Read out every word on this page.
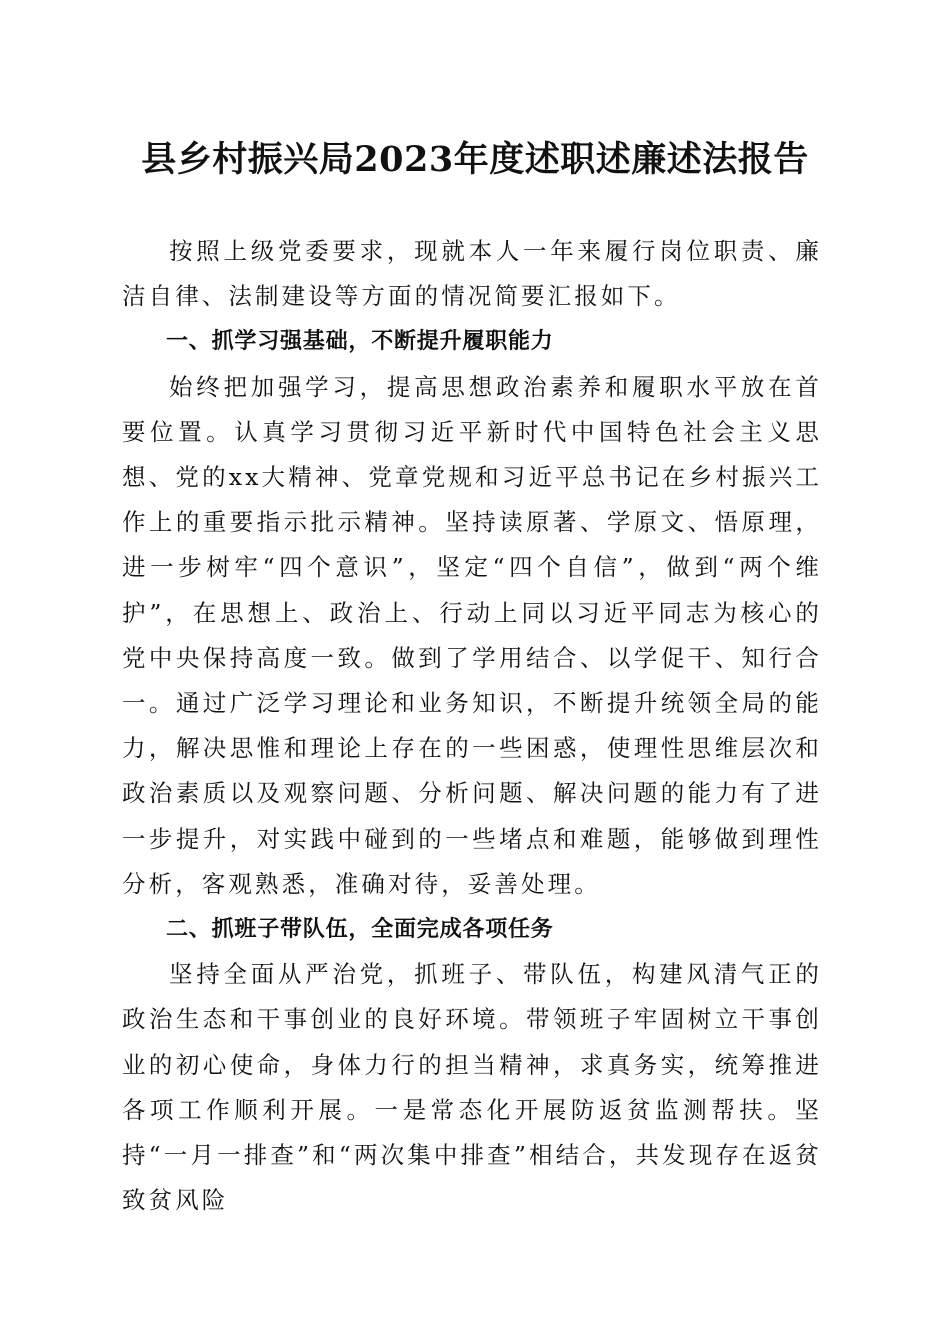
县乡村振兴局2023年度述职述廉述法报告

按照上级党委要求，现就本人一年来履行岗位职责、廉洁自律、法制建设等方面的情况简要汇报如下。

一、抓学习强基础，不断提升履职能力

始终把加强学习，提高思想政治素养和履职水平放在首要位置。认真学习贯彻习近平新时代中国特色社会主义思想、党的xx大精神、党章党规和习近平总书记在乡村振兴工作上的重要指示批示精神。坚持读原著、学原文、悟原理，进一步树牢“四个意识”，坚定“四个自信”，做到“两个维护”，在思想上、政治上、行动上同以习近平同志为核心的党中央保持高度一致。做到了学用结合、以学促干、知行合一。通过广泛学习理论和业务知识，不断提升统领全局的能力，解决思惟和理论上存在的一些困惑，使理性思维层次和政治素质以及观察问题、分析问题、解决问题的能力有了进一步提升，对实践中碰到的一些堵点和难题，能够做到理性分析，客观熟悉，准确对待，妥善处理。

二、抓班子带队伍，全面完成各项任务

坚持全面从严治党，抓班子、带队伍，构建风清气正的政治生态和干事创业的良好环境。带领班子牢固树立干事创业的初心使命，身体力行的担当精神，求真务实，统筹推进各项工作顺利开展。一是常态化开展防返贫监测帮扶。坚持“一月一排查”和“两次集中排查”相结合，共发现存在返贫致贫风险
